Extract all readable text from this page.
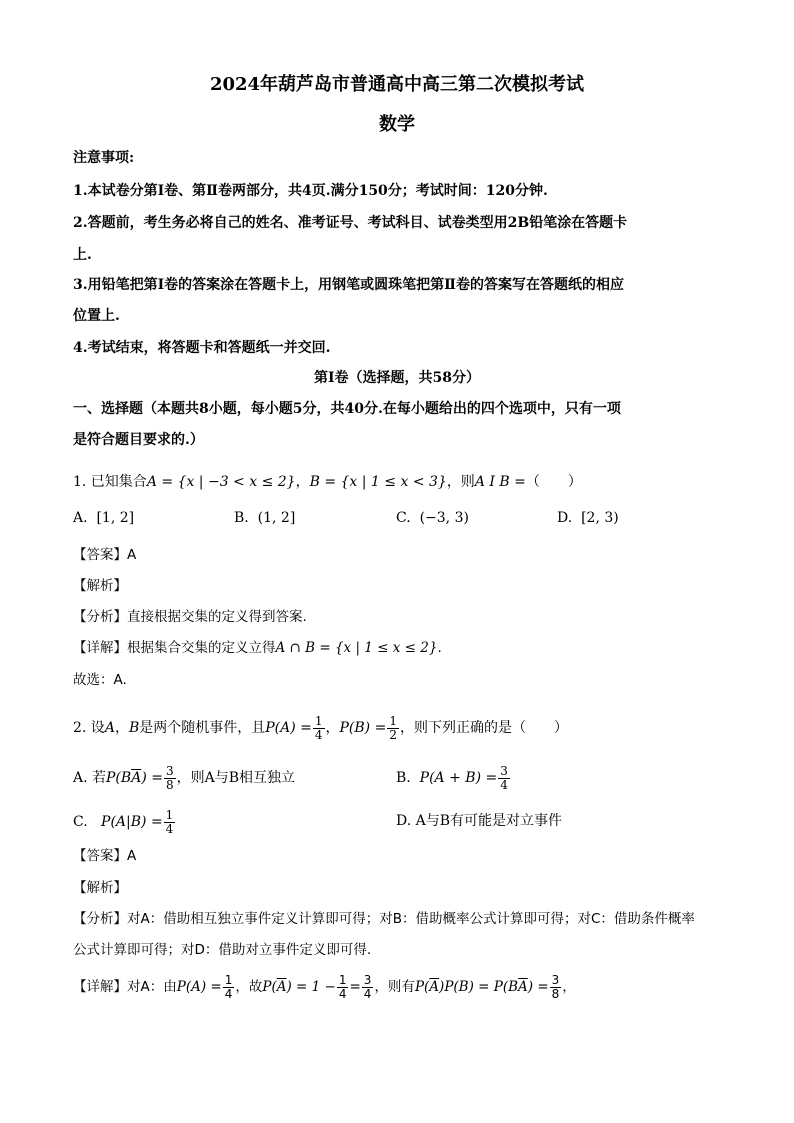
2024年葫芦岛市普通高中高三第二次模拟考试
数学
注意事项:
1.本试卷分第Ⅰ卷、第Ⅱ卷两部分，共4页.满分150分；考试时间：120分钟.
2.答题前，考生务必将自己的姓名、准考证号、考试科目、试卷类型用2B铅笔涂在答题卡
上.
3.用铅笔把第Ⅰ卷的答案涂在答题卡上，用钢笔或圆珠笔把第Ⅱ卷的答案写在答题纸的相应
位置上.
4.考试结束，将答题卡和答题纸一并交回.
第Ⅰ卷（选择题，共58分）
一、选择题（本题共8小题，每小题5分，共40分.在每小题给出的四个选项中，只有一项
是符合题目要求的.）
1. 已知集合A = {x | −3 < x ≤ 2}，B = {x | 1 ≤ x < 3}，则A I B =（　　）
A. [1, 2]	B. (1, 2]	C. (−3, 3)	D. [2, 3)
【答案】A
【解析】
【分析】直接根据交集的定义得到答案.
【详解】根据集合交集的定义立得A ∩ B = {x | 1 ≤ x ≤ 2}.
故选：A.
2. 设A，B是两个随机事件，且$P(A) = \frac{1}{4}$ ，$P(B) = \frac{1}{2}$ ，则下列正确的是（　　）
A. 若$P(B\overline{A}) = \frac{3}{8}$ ，则A与B相互独立	B. $P(A + B) = \frac{3}{4}$
C. $P(A|B) = \frac{1}{4}$	D. A与B有可能是对立事件
【答案】A
【解析】
【分析】对A：借助相互独立事件定义计算即可得；对B：借助概率公式计算即可得；对C：借助条件概率
公式计算即可得；对D：借助对立事件定义即可得.
【详解】对A：由$P(A) = \frac{1}{4}$ ，故$P(\overline{A}) = 1 - \frac{1}{4} = \frac{3}{4}$ ，则有$P(\overline{A})P(B) = P(B\overline{A}) = \frac{3}{8}$ ，
